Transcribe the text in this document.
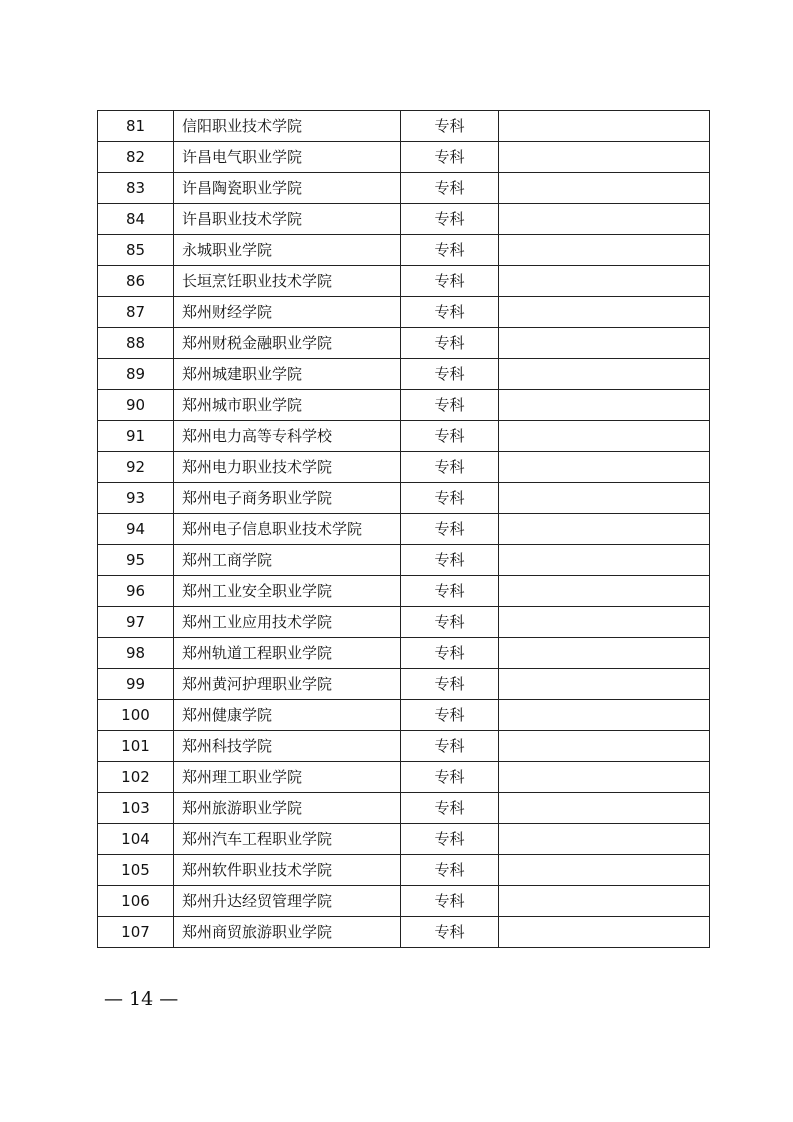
81	信阳职业技术学院	专科	
82	许昌电气职业学院	专科	
83	许昌陶瓷职业学院	专科	
84	许昌职业技术学院	专科	
85	永城职业学院	专科	
86	长垣烹饪职业技术学院	专科	
87	郑州财经学院	专科	
88	郑州财税金融职业学院	专科	
89	郑州城建职业学院	专科	
90	郑州城市职业学院	专科	
91	郑州电力高等专科学校	专科	
92	郑州电力职业技术学院	专科	
93	郑州电子商务职业学院	专科	
94	郑州电子信息职业技术学院	专科	
95	郑州工商学院	专科	
96	郑州工业安全职业学院	专科	
97	郑州工业应用技术学院	专科	
98	郑州轨道工程职业学院	专科	
99	郑州黄河护理职业学院	专科	
100	郑州健康学院	专科	
101	郑州科技学院	专科	
102	郑州理工职业学院	专科	
103	郑州旅游职业学院	专科	
104	郑州汽车工程职业学院	专科	
105	郑州软件职业技术学院	专科	
106	郑州升达经贸管理学院	专科	
107	郑州商贸旅游职业学院	专科	
— 14 —
